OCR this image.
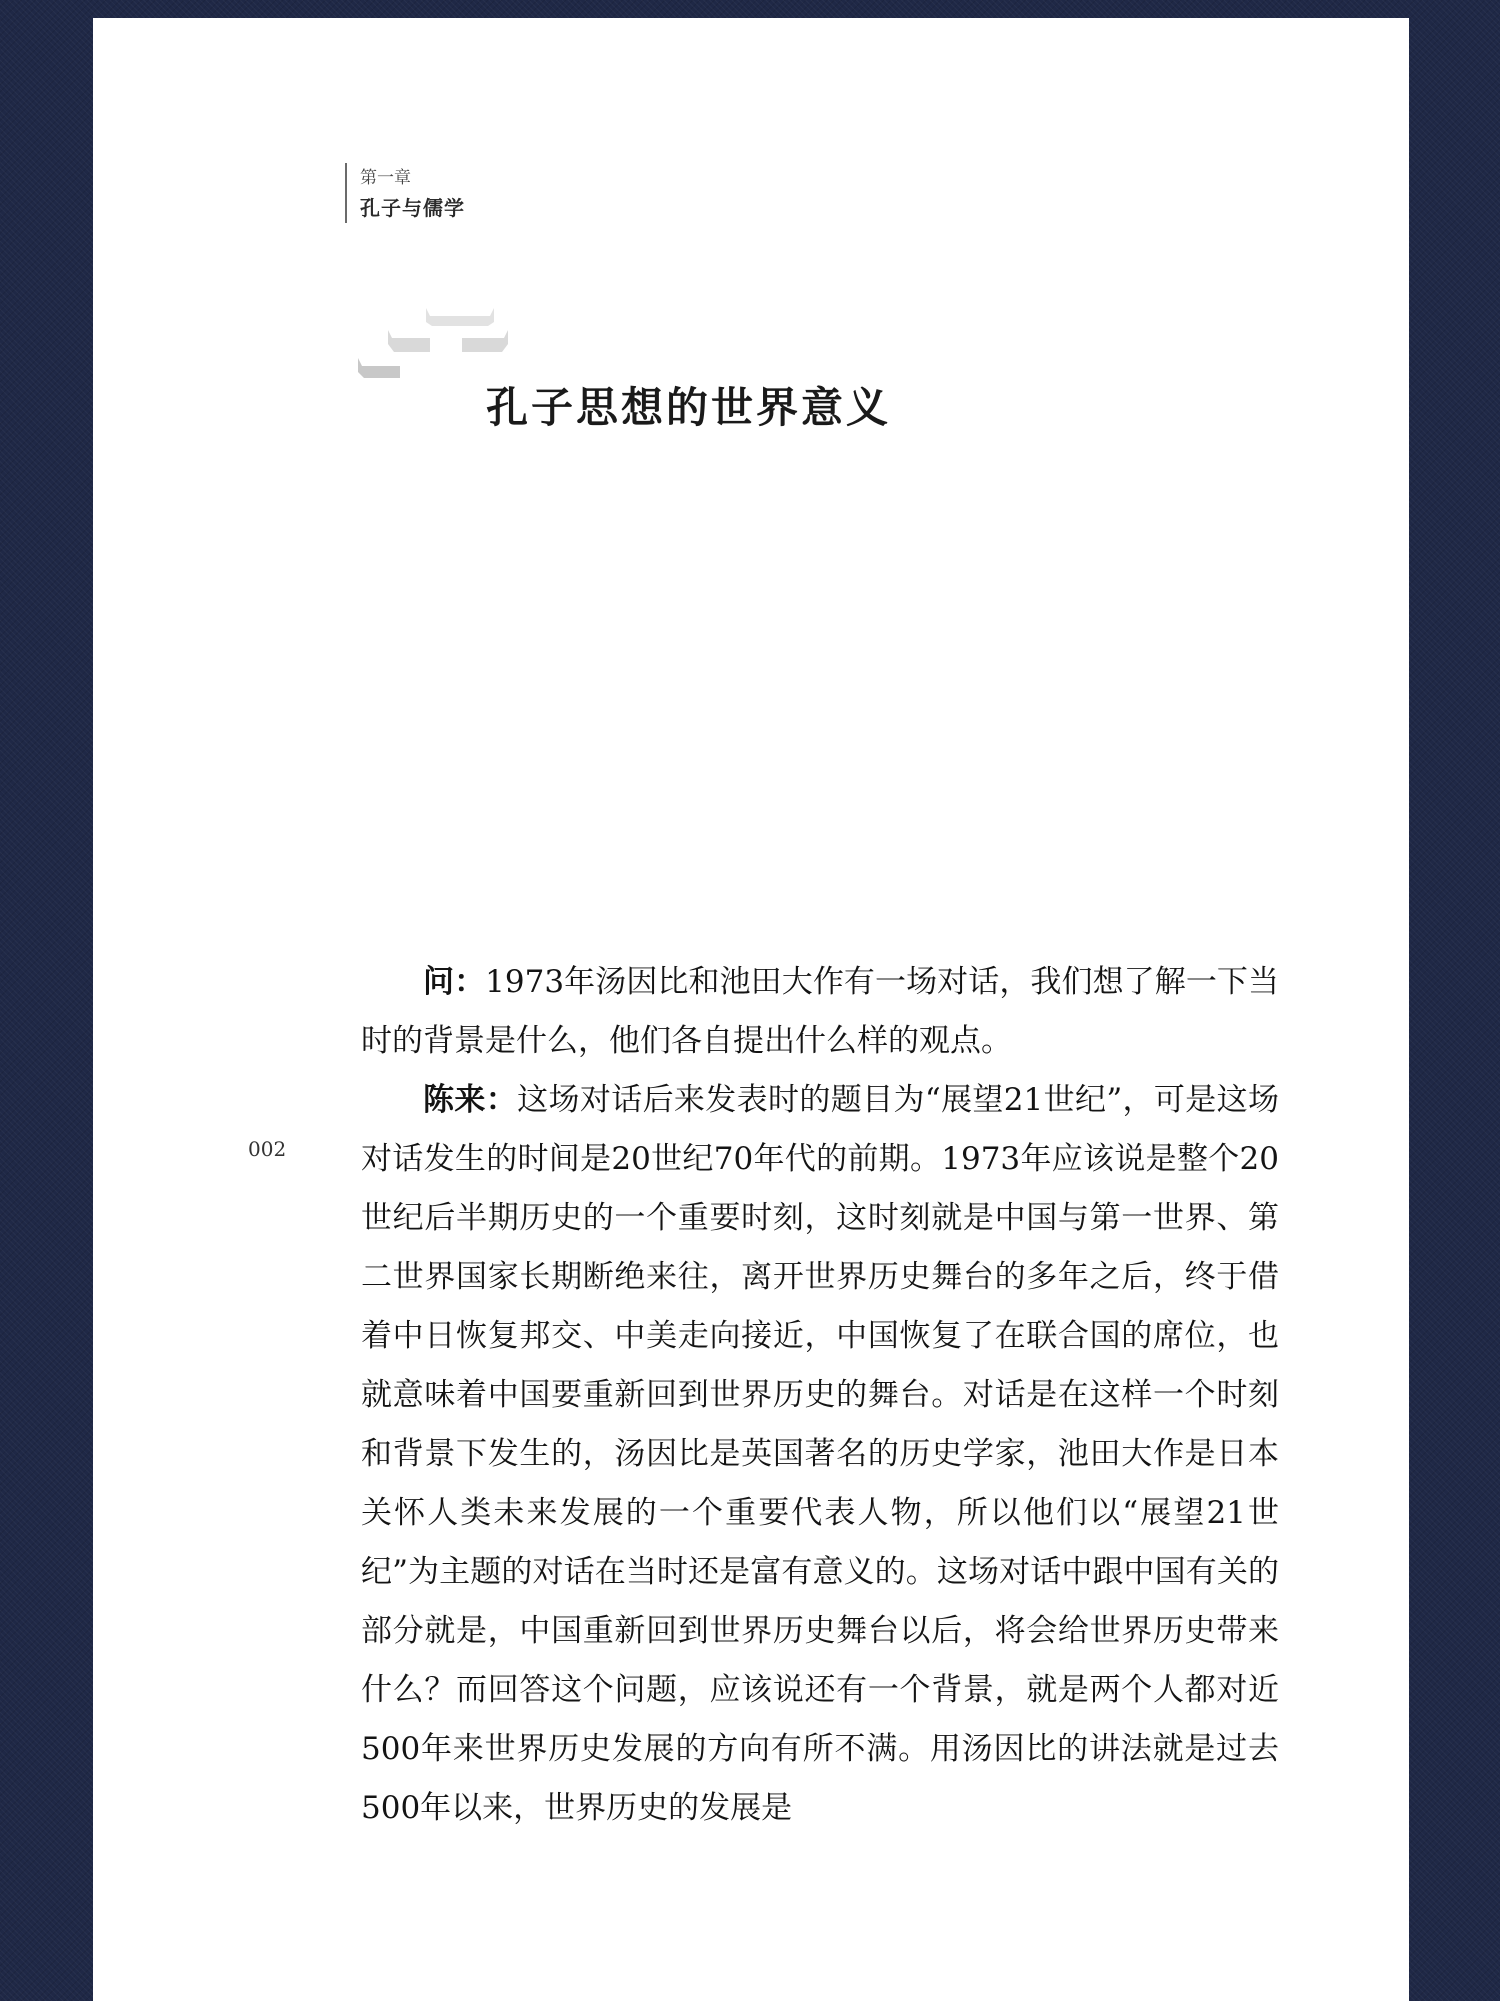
第一章
孔子与儒学
孔子思想的世界意义
002

问：1973年汤因比和池田大作有一场对话，我们想了解一下当时的背景是什么，他们各自提出什么样的观点。

陈来：这场对话后来发表时的题目为“展望21世纪”，可是这场对话发生的时间是20世纪70年代的前期。1973年应该说是整个20世纪后半期历史的一个重要时刻，这时刻就是中国与第一世界、第二世界国家长期断绝来往，离开世界历史舞台的多年之后，终于借着中日恢复邦交、中美走向接近，中国恢复了在联合国的席位，也就意味着中国要重新回到世界历史的舞台。对话是在这样一个时刻和背景下发生的，汤因比是英国著名的历史学家，池田大作是日本关怀人类未来发展的一个重要代表人物，所以他们以“展望21世纪”为主题的对话在当时还是富有意义的。这场对话中跟中国有关的部分就是，中国重新回到世界历史舞台以后，将会给世界历史带来什么？而回答这个问题，应该说还有一个背景，就是两个人都对近500年来世界历史发展的方向有所不满。用汤因比的讲法就是过去500年以来，世界历史的发展是
